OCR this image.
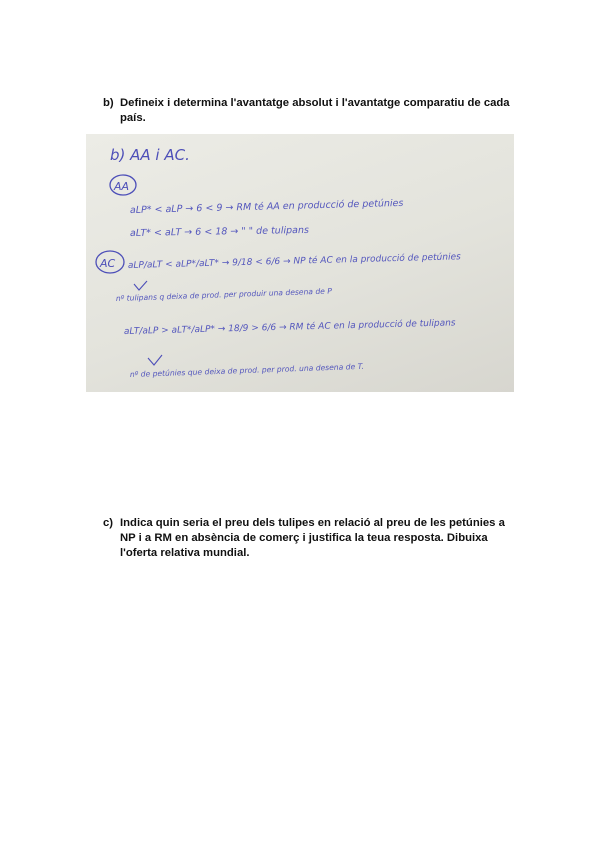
b) Defineix i determina l'avantatge absolut i l'avantatge comparatiu de cada país.
b) AA i AC.
AA
aLP* < aLP → 6 < 9 → RM té AA en producció de petúnies
aLT* < aLT → 6 < 18 → " " de tulipans
AC aLP/aLT < aLP*/aLT* → 9/18 < 6/6 → NP té AC en la producció de petúnies
nº tulipans q deixa de prod. per produir una desena de P
aLT/aLP > aLT*/aLP* → 18/9 > 6/6 → RM té AC en la producció de tulipans
nº de petúnies que deixa de prod. per prod. una desena de T.
c) Indica quin seria el preu dels tulipes en relació al preu de les petúnies a NP i a RM en absència de comerç i justifica la teua resposta. Dibuixa l'oferta relativa mundial.
